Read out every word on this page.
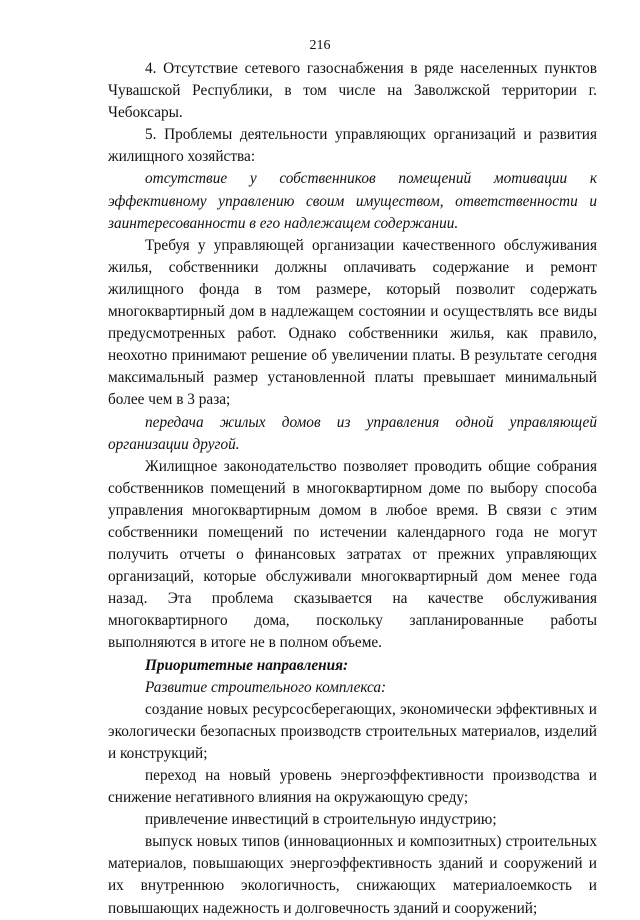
216

4. Отсутствие сетевого газоснабжения в ряде населенных пунктов Чувашской Республики, в том числе на Заволжской территории г. Чебоксары.

5. Проблемы деятельности управляющих организаций и развития жилищного хозяйства:

отсутствие у собственников помещений мотивации к эффективному управлению своим имуществом, ответственности и заинтересованности в его надлежащем содержании.

Требуя у управляющей организации качественного обслуживания жилья, собственники должны оплачивать содержание и ремонт жилищного фонда в том размере, который позволит содержать многоквартирный дом в надлежащем состоянии и осуществлять все виды предусмотренных работ. Однако собственники жилья, как правило, неохотно принимают решение об увеличении платы. В результате сегодня максимальный размер установленной платы превышает минимальный более чем в 3 раза;

передача жилых домов из управления одной управляющей организации другой.

Жилищное законодательство позволяет проводить общие собрания собственников помещений в многоквартирном доме по выбору способа управления многоквартирным домом в любое время. В связи с этим собственники помещений по истечении календарного года не могут получить отчеты о финансовых затратах от прежних управляющих организаций, которые обслуживали многоквартирный дом менее года назад. Эта проблема сказывается на качестве обслуживания многоквартирного дома, поскольку запланированные работы выполняются в итоге не в полном объеме.

Приоритетные направления:

Развитие строительного комплекса:

создание новых ресурсосберегающих, экономически эффективных и экологически безопасных производств строительных материалов, изделий и конструкций;

переход на новый уровень энергоэффективности производства и снижение негативного влияния на окружающую среду;

привлечение инвестиций в строительную индустрию;

выпуск новых типов (инновационных и композитных) строительных материалов, повышающих энергоэффективность зданий и сооружений и их внутреннюю экологичность, снижающих материалоемкость и повышающих надежность и долговечность зданий и сооружений;
